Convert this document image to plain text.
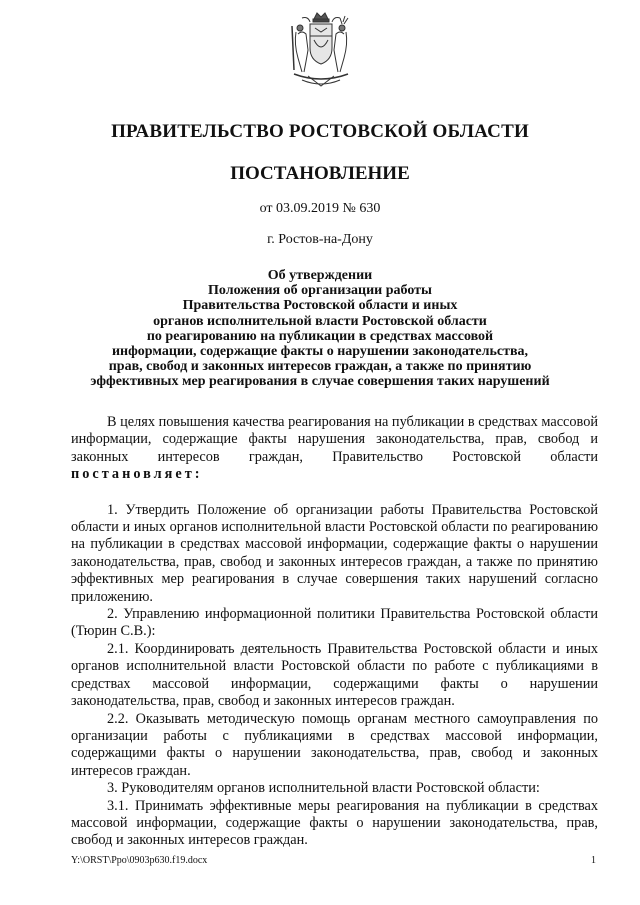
ПРАВИТЕЛЬСТВО РОСТОВСКОЙ ОБЛАСТИ
ПОСТАНОВЛЕНИЕ
от 03.09.2019 № 630
г. Ростов-на-Дону
Об утверждении
Положения об организации работы
Правительства Ростовской области и иных
органов исполнительной власти Ростовской области
по реагированию на публикации в средствах массовой
информации, содержащие факты о нарушении законодательства,
прав, свобод и законных интересов граждан, а также по принятию
эффективных мер реагирования в случае совершения таких нарушений

В целях повышения качества реагирования на публикации в средствах массовой информации, содержащие факты нарушения законодательства, прав, свобод и законных интересов граждан, Правительство Ростовской области постановляет:

1. Утвердить Положение об организации работы Правительства Ростовской области и иных органов исполнительной власти Ростовской области по реагированию на публикации в средствах массовой информации, содержащие факты о нарушении законодательства, прав, свобод и законных интересов граждан, а также по принятию эффективных мер реагирования в случае совершения таких нарушений согласно приложению.

2. Управлению информационной политики Правительства Ростовской области (Тюрин С.В.):

2.1. Координировать деятельность Правительства Ростовской области и иных органов исполнительной власти Ростовской области по работе с публикациями в средствах массовой информации, содержащими факты о нарушении законодательства, прав, свобод и законных интересов граждан.

2.2. Оказывать методическую помощь органам местного самоуправления по организации работы с публикациями в средствах массовой информации, содержащими факты о нарушении законодательства, прав, свобод и законных интересов граждан.

3. Руководителям органов исполнительной власти Ростовской области:

3.1. Принимать эффективные меры реагирования на публикации в средствах массовой информации, содержащие факты о нарушении законодательства, прав, свобод и законных интересов граждан.

Y:\ORST\Ppo\0903p630.f19.docx	1
